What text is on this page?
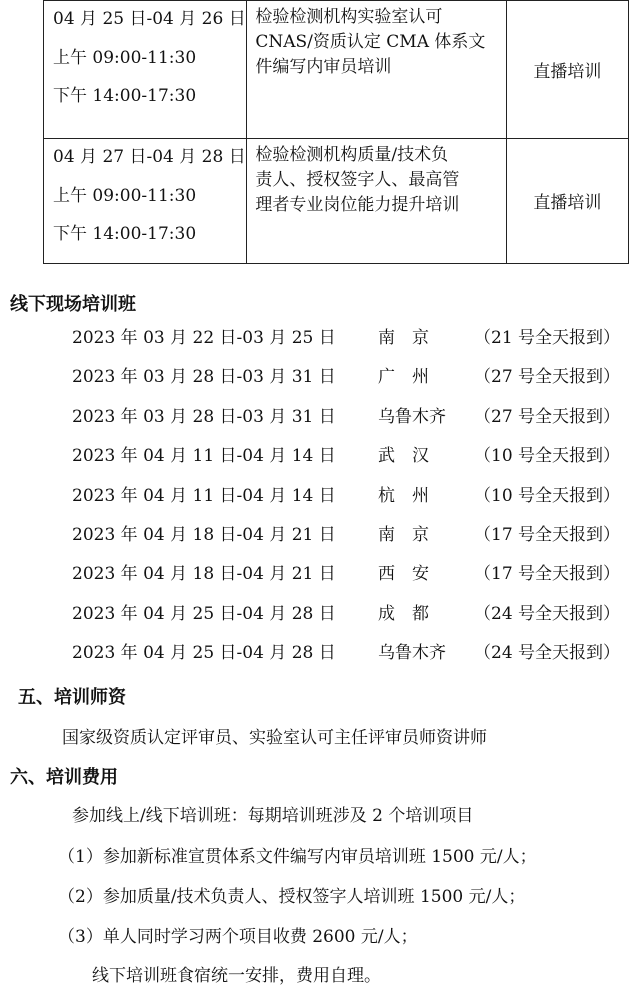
04 月 25 日-04 月 26 日
上午 09:00-11:30
下午 14:00-17:30	检验检测机构实验室认可
CNAS/资质认定 CMA 体系文
件编写内审员培训	直播培训

04 月 27 日-04 月 28 日
上午 09:00-11:30
下午 14:00-17:30	检验检测机构质量/技术负
责人、授权签字人、最高管
理者专业岗位能力提升培训	直播培训
线下现场培训班
2023 年 03 月 22 日-03 月 25 日 南　京	（21 号全天报到）
2023 年 03 月 28 日-03 月 31 日 广　州	（27 号全天报到）
2023 年 03 月 28 日-03 月 31 日 乌鲁木齐 （27 号全天报到）
2023 年 04 月 11 日-04 月 14 日 武　汉	（10 号全天报到）
2023 年 04 月 11 日-04 月 14 日 杭　州	（10 号全天报到）
2023 年 04 月 18 日-04 月 21 日 南　京	（17 号全天报到）
2023 年 04 月 18 日-04 月 21 日 西　安	（17 号全天报到）
2023 年 04 月 25 日-04 月 28 日 成　都	（24 号全天报到）
2023 年 04 月 25 日-04 月 28 日 乌鲁木齐 （24 号全天报到）
五、培训师资
国家级资质认定评审员、实验室认可主任评审员师资讲师
六、培训费用
参加线上/线下培训班：每期培训班涉及 2 个培训项目
（1）参加新标准宣贯体系文件编写内审员培训班 1500 元/人；
（2）参加质量/技术负责人、授权签字人培训班 1500 元/人；
（3）单人同时学习两个项目收费 2600 元/人；
线下培训班食宿统一安排，费用自理。
